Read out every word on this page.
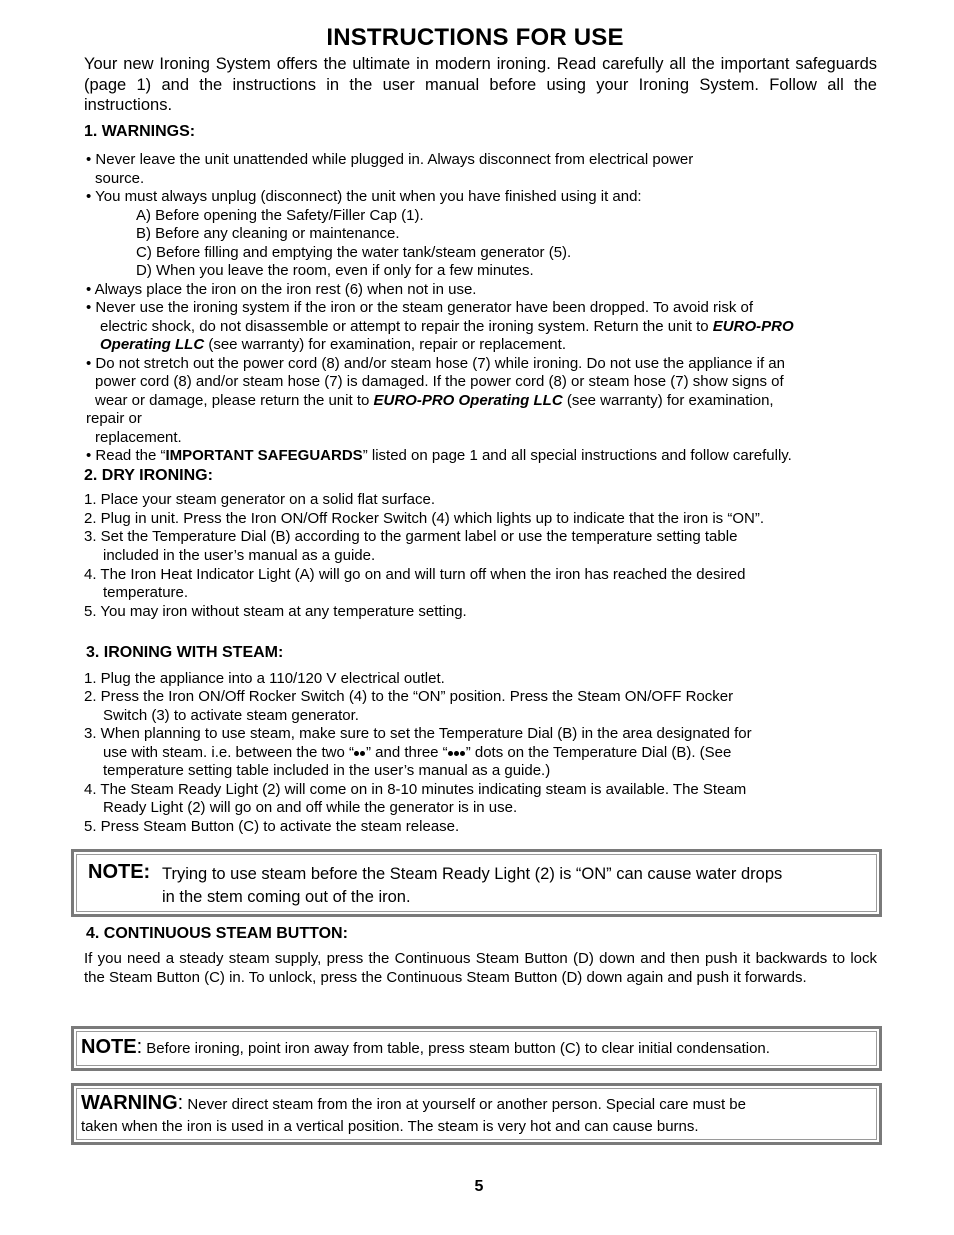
INSTRUCTIONS FOR USE
Your new Ironing System offers the ultimate in modern ironing. Read carefully all the important safeguards (page 1) and the instructions in the user manual before using your Ironing System. Follow all the instructions.
1. WARNINGS:
• Never leave the unit unattended while plugged in. Always disconnect from electrical power
source.
• You must always unplug (disconnect) the unit when you have finished using it and:
A) Before opening the Safety/Filler Cap (1).
B) Before any cleaning or maintenance.
C) Before filling and emptying the water tank/steam generator (5).
D) When you leave the room, even if only for a few minutes.
• Always place the iron on the iron rest (6) when not in use.
• Never use the ironing system if the iron or the steam generator have been dropped. To avoid risk of
electric shock, do not disassemble or attempt to repair the ironing system. Return the unit to EURO-PRO
Operating LLC (see warranty) for examination, repair or replacement.
• Do not stretch out the power cord (8) and/or steam hose (7) while ironing. Do not use the appliance if an
power cord (8) and/or steam hose (7) is damaged. If the power cord (8) or steam hose (7) show signs of
wear or damage, please return the unit to EURO-PRO Operating LLC (see warranty) for examination,
repair or
replacement.
• Read the “IMPORTANT SAFEGUARDS” listed on page 1 and all special instructions and follow carefully.
2. DRY IRONING:
1. Place your steam generator on a solid flat surface.
2. Plug in unit. Press the Iron ON/Off Rocker Switch (4) which lights up to indicate that the iron is “ON”.
3. Set the Temperature Dial (B) according to the garment label or use the temperature setting table
included in the user’s manual as a guide.
4. The Iron Heat Indicator Light (A) will go on and will turn off when the iron has reached the desired
temperature.
5. You may iron without steam at any temperature setting.
3. IRONING WITH STEAM:
1. Plug the appliance into a 110/120 V electrical outlet.
2. Press the Iron ON/Off Rocker Switch (4) to the “ON” position. Press the Steam ON/OFF Rocker
Switch (3) to activate steam generator.
3. When planning to use steam, make sure to set the Temperature Dial (B) in the area designated for
use with steam. i.e. between the two “ ” and three “ ” dots on the Temperature Dial (B). (See
temperature setting table included in the user’s manual as a guide.)
4. The Steam Ready Light (2) will come on in 8-10 minutes indicating steam is available. The Steam
Ready Light (2) will go on and off while the generator is in use.
5. Press Steam Button (C) to activate the steam release.
NOTE: Trying to use steam before the Steam Ready Light (2) is “ON” can cause water drops
in the stem coming out of the iron.
4. CONTINUOUS STEAM BUTTON:
If you need a steady steam supply, press the Continuous Steam Button (D) down and then push it backwards to lock the Steam Button (C) in. To unlock, press the Continuous Steam Button (D) down again and push it forwards.
NOTE: Before ironing, point iron away from table, press steam button (C) to clear initial condensation.
WARNING: Never direct steam from the iron at yourself or another person. Special care must be
taken when the iron is used in a vertical position. The steam is very hot and can cause burns.
5
